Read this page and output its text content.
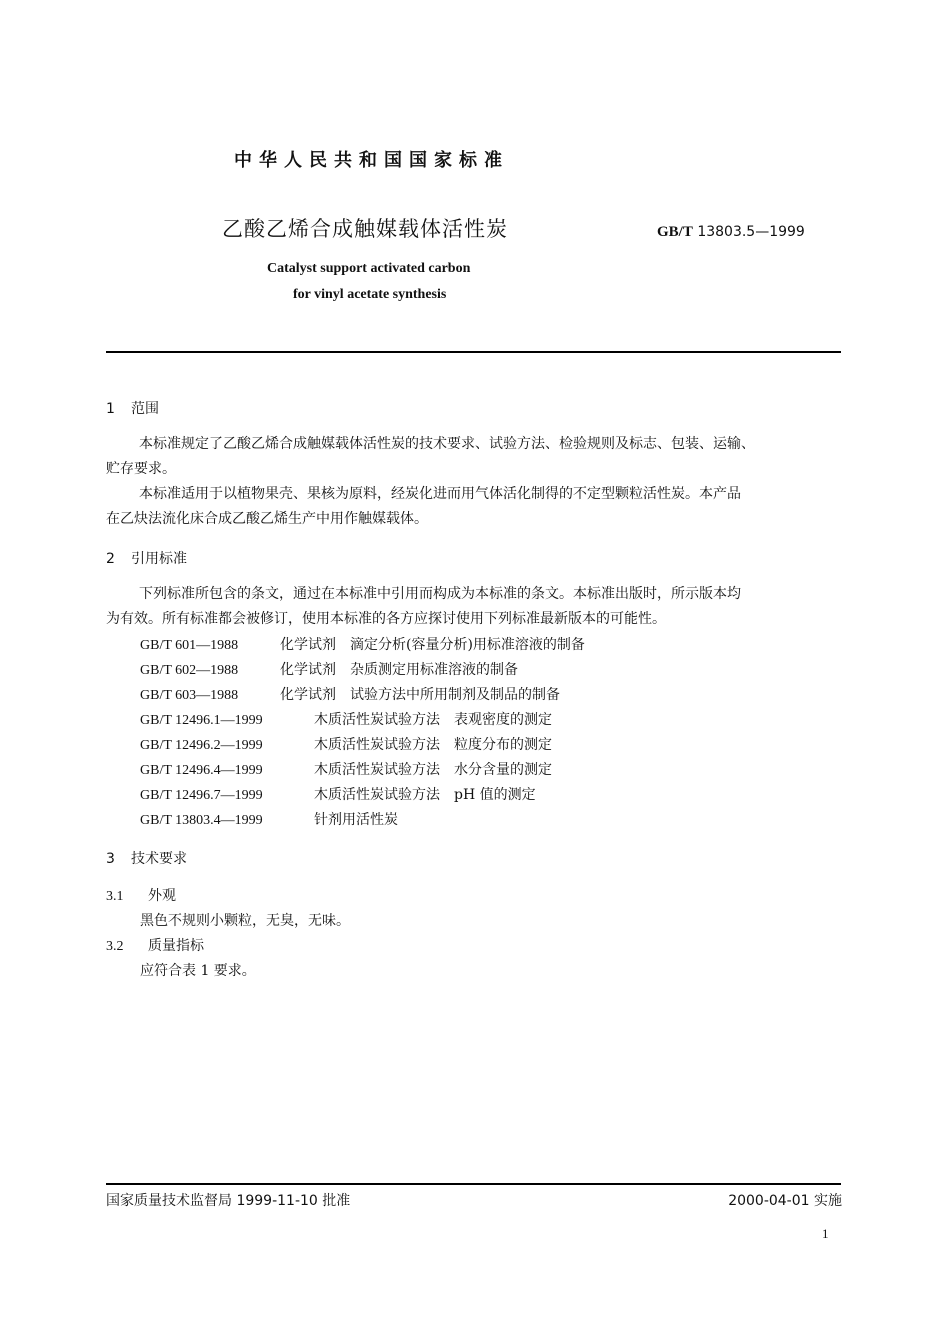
中华人民共和国国家标准
乙酸乙烯合成触媒载体活性炭	GB/T 13803.5—1999
Catalyst support activated carbon
for vinyl acetate synthesis
1 范围
本标准规定了乙酸乙烯合成触媒载体活性炭的技术要求、试验方法、检验规则及标志、包装、运输、
贮存要求。
本标准适用于以植物果壳、果核为原料，经炭化进而用气体活化制得的不定型颗粒活性炭。本产品
在乙炔法流化床合成乙酸乙烯生产中用作触媒载体。
2 引用标准
下列标准所包含的条文，通过在本标准中引用而构成为本标准的条文。本标准出版时，所示版本均
为有效。所有标准都会被修订，使用本标准的各方应探讨使用下列标准最新版本的可能性。
GB/T 601—1988	化学试剂　滴定分析(容量分析)用标准溶液的制备
GB/T 602—1988	化学试剂　杂质测定用标准溶液的制备
GB/T 603—1988	化学试剂　试验方法中所用制剂及制品的制备
GB/T 12496.1—1999	木质活性炭试验方法　表观密度的测定
GB/T 12496.2—1999	木质活性炭试验方法　粒度分布的测定
GB/T 12496.4—1999	木质活性炭试验方法　水分含量的测定
GB/T 12496.7—1999	木质活性炭试验方法　pH 值的测定
GB/T 13803.4—1999	针剂用活性炭
3 技术要求
3.1 外观
黑色不规则小颗粒，无臭，无味。
3.2 质量指标
应符合表 1 要求。
国家质量技术监督局 1999-11-10 批准	2000-04-01 实施
1
